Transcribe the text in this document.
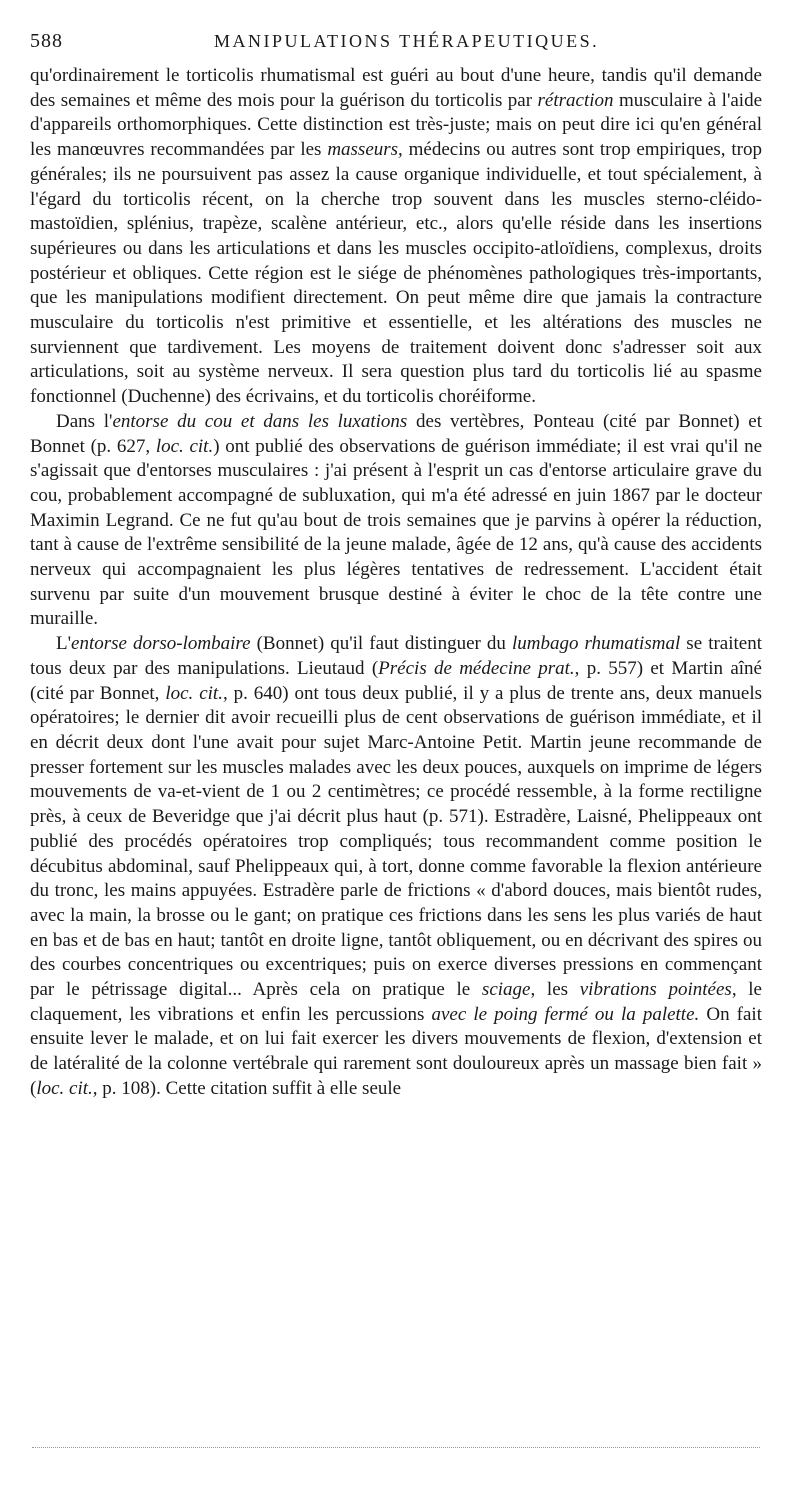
588	MANIPULATIONS THÉRAPEUTIQUES.

qu'ordinairement le torticolis rhumatismal est guéri au bout d'une heure, tandis qu'il demande des semaines et même des mois pour la guérison du torticolis par rétraction musculaire à l'aide d'appareils orthomorphiques. Cette distinction est très-juste; mais on peut dire ici qu'en général les manœuvres recommandées par les masseurs, médecins ou autres sont trop empiriques, trop générales; ils ne poursuivent pas assez la cause organique individuelle, et tout spécialement, à l'égard du torticolis récent, on la cherche trop souvent dans les muscles sterno-cléido-mastoïdien, splénius, trapèze, scalène antérieur, etc., alors qu'elle réside dans les insertions supérieures ou dans les articulations et dans les muscles occipito-atloïdiens, complexus, droits postérieur et obliques. Cette région est le siége de phénomènes pathologiques très-importants, que les manipulations modifient directement. On peut même dire que jamais la contracture musculaire du torticolis n'est primitive et essentielle, et les altérations des muscles ne surviennent que tardivement. Les moyens de traitement doivent donc s'adresser soit aux articulations, soit au système nerveux. Il sera question plus tard du torticolis lié au spasme fonctionnel (Duchenne) des écrivains, et du torticolis choréiforme.

Dans l'entorse du cou et dans les luxations des vertèbres, Ponteau (cité par Bonnet) et Bonnet (p. 627, loc. cit.) ont publié des observations de guérison immédiate; il est vrai qu'il ne s'agissait que d'entorses musculaires : j'ai présent à l'esprit un cas d'entorse articulaire grave du cou, probablement accompagné de subluxation, qui m'a été adressé en juin 1867 par le docteur Maximin Legrand. Ce ne fut qu'au bout de trois semaines que je parvins à opérer la réduction, tant à cause de l'extrême sensibilité de la jeune malade, âgée de 12 ans, qu'à cause des accidents nerveux qui accompagnaient les plus légères tentatives de redressement. L'accident était survenu par suite d'un mouvement brusque destiné à éviter le choc de la tête contre une muraille.

L'entorse dorso-lombaire (Bonnet) qu'il faut distinguer du lumbago rhumatismal se traitent tous deux par des manipulations. Lieutaud (Précis de médecine prat., p. 557) et Martin aîné (cité par Bonnet, loc. cit., p. 640) ont tous deux publié, il y a plus de trente ans, deux manuels opératoires; le dernier dit avoir recueilli plus de cent observations de guérison immédiate, et il en décrit deux dont l'une avait pour sujet Marc-Antoine Petit. Martin jeune recommande de presser fortement sur les muscles malades avec les deux pouces, auxquels on imprime de légers mouvements de va-et-vient de 1 ou 2 centimètres; ce procédé ressemble, à la forme rectiligne près, à ceux de Beveridge que j'ai décrit plus haut (p. 571). Estradère, Laisné, Phelippeaux ont publié des procédés opératoires trop compliqués; tous recommandent comme position le décubitus abdominal, sauf Phelippeaux qui, à tort, donne comme favorable la flexion antérieure du tronc, les mains appuyées. Estradère parle de frictions « d'abord douces, mais bientôt rudes, avec la main, la brosse ou le gant; on pratique ces frictions dans les sens les plus variés de haut en bas et de bas en haut; tantôt en droite ligne, tantôt obliquement, ou en décrivant des spires ou des courbes concentriques ou excentriques; puis on exerce diverses pressions en commençant par le pétrissage digital... Après cela on pratique le sciage, les vibrations pointées, le claquement, les vibrations et enfin les percussions avec le poing fermé ou la palette. On fait ensuite lever le malade, et on lui fait exercer les divers mouvements de flexion, d'extension et de latéralité de la colonne vertébrale qui rarement sont douloureux après un massage bien fait » (loc. cit., p. 108). Cette citation suffit à elle seule
